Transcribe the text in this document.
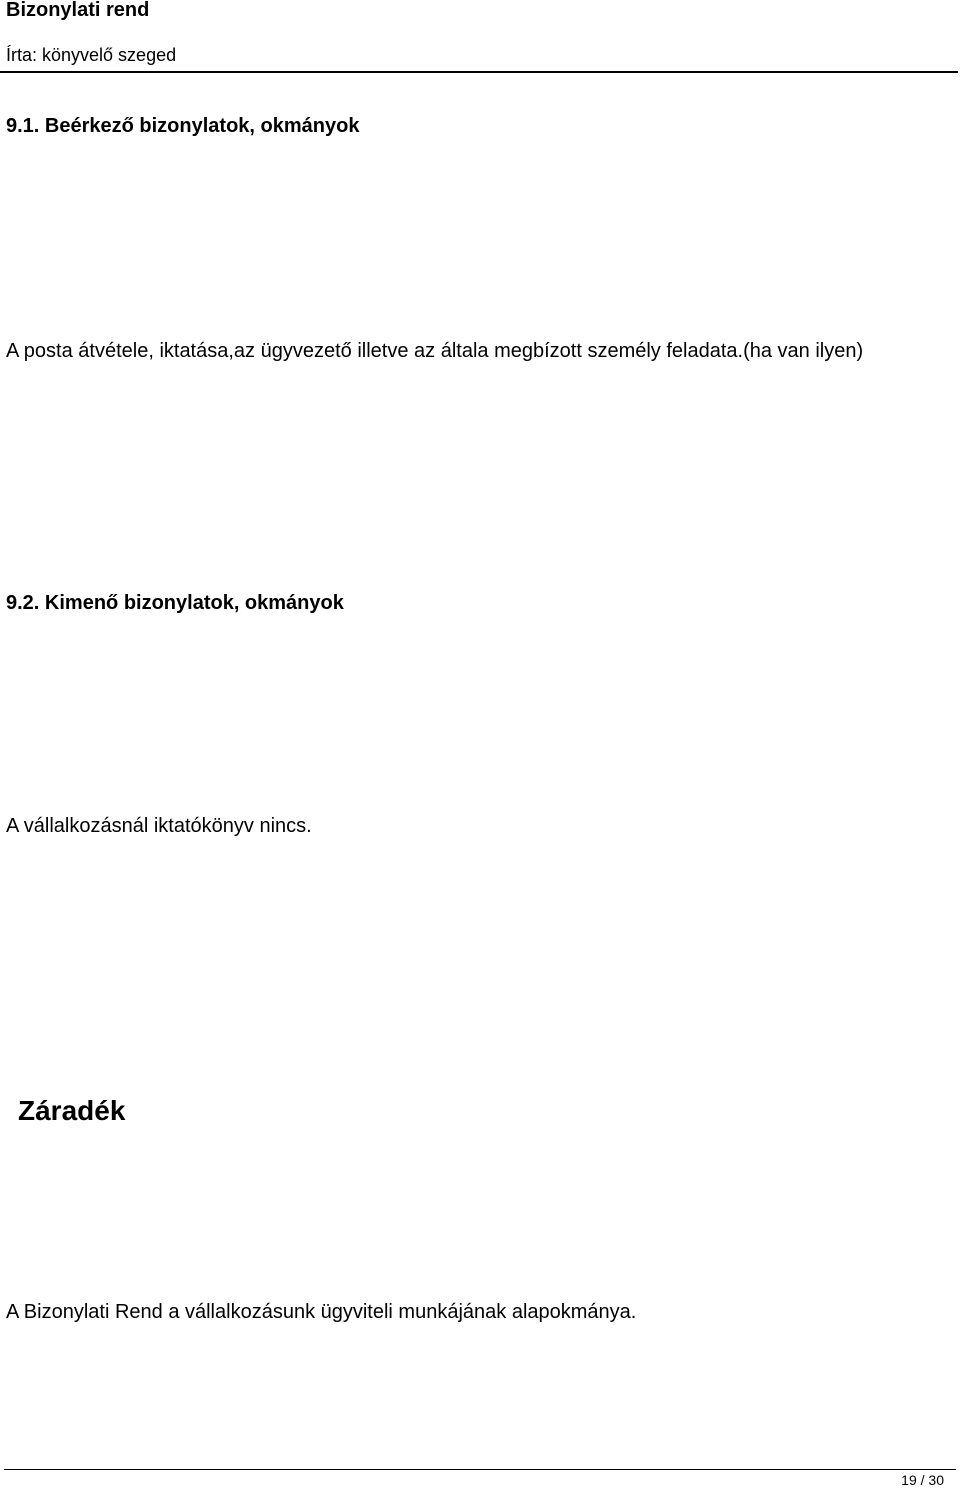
Bizonylati rend
Írta: könyvelő szeged
9.1. Beérkező bizonylatok, okmányok
A posta átvétele, iktatása,az ügyvezető illetve az általa megbízott személy feladata.(ha van ilyen)
9.2. Kimenő bizonylatok, okmányok
A vállalkozásnál iktatókönyv nincs.
Záradék
A Bizonylati Rend a vállalkozásunk ügyviteli munkájának alapokmánya.
19 / 30
